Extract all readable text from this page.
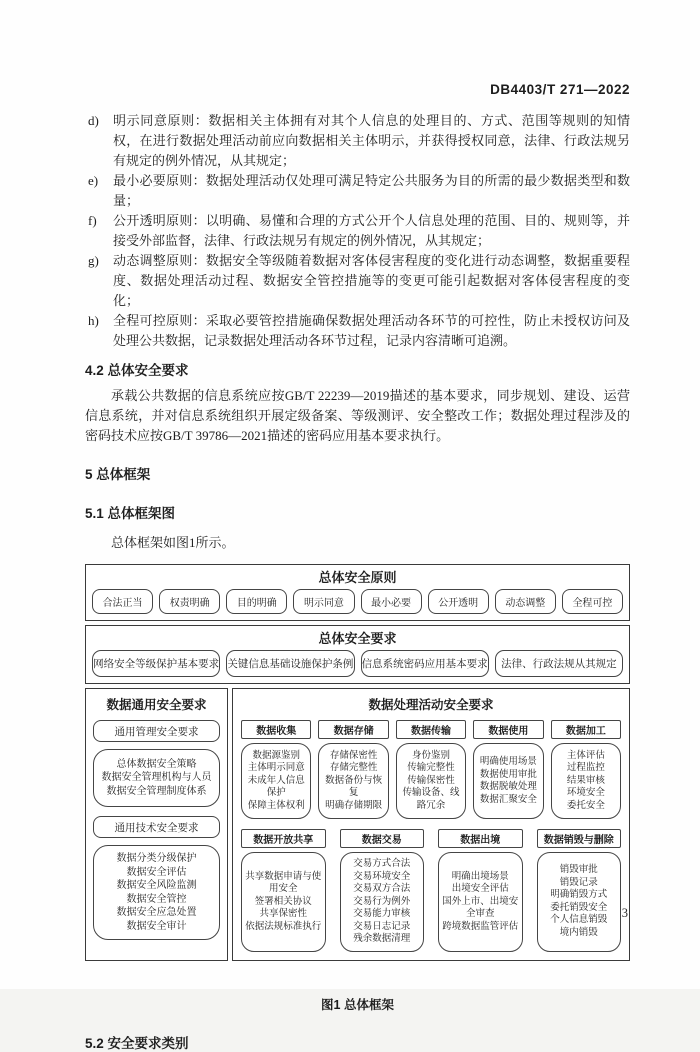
DB4403/T 271—2022
d)	明示同意原则：数据相关主体拥有对其个人信息的处理目的、方式、范围等规则的知情权，在进行数据处理活动前应向数据相关主体明示，并获得授权同意，法律、行政法规另有规定的例外情况，从其规定；
e)	最小必要原则：数据处理活动仅处理可满足特定公共服务为目的所需的最少数据类型和数量；
f)	公开透明原则：以明确、易懂和合理的方式公开个人信息处理的范围、目的、规则等，并接受外部监督，法律、行政法规另有规定的例外情况，从其规定；
g)	动态调整原则：数据安全等级随着数据对客体侵害程度的变化进行动态调整，数据重要程度、数据处理活动过程、数据安全管控措施等的变更可能引起数据对客体侵害程度的变化；
h)	全程可控原则：采取必要管控措施确保数据处理活动各环节的可控性，防止未授权访问及处理公共数据，记录数据处理活动各环节过程，记录内容清晰可追溯。
4.2 总体安全要求
承载公共数据的信息系统应按GB/T 22239—2019描述的基本要求，同步规划、建设、运营信息系统，并对信息系统组织开展定级备案、等级测评、安全整改工作；数据处理过程涉及的密码技术应按GB/T 39786—2021描述的密码应用基本要求执行。
5 总体框架
5.1 总体框架图
总体框架如图1所示。
总体安全原则
合法正当	权责明确	目的明确	明示同意	最小必要	公开透明	动态调整	全程可控
总体安全要求
网络安全等级保护基本要求 关键信息基础设施保护条例 信息系统密码应用基本要求	法律、行政法规从其规定
数据通用安全要求
通用管理安全要求
总体数据安全策略
数据安全管理机构与人员
数据安全管理制度体系
通用技术安全要求
数据分类分级保护
数据安全评估
数据安全风险监测
数据安全管控
数据安全应急处置
数据安全审计
数据处理活动安全要求
数据收集
数据源鉴别
主体明示同意
未成年人信息保护
保障主体权利
数据存储
存储保密性
存储完整性
数据备份与恢复
明确存储期限
数据传输
身份鉴别
传输完整性
传输保密性
传输设备、线路冗余
数据使用
明确使用场景
数据使用审批
数据脱敏处理
数据汇聚安全
数据加工
主体评估
过程监控
结果审核
环境安全
委托安全
数据开放共享
共享数据申请与使用安全
签署相关协议
共享保密性
依据法规标准执行
数据交易
交易方式合法
交易环境安全
交易双方合法
交易行为例外
交易能力审核
交易日志记录
残余数据清理
数据出境
明确出境场景
出境安全评估
国外上市、出境安全审查
跨境数据监管评估
数据销毁与删除
销毁审批
销毁记录
明确销毁方式
委托销毁安全
个人信息销毁
境内销毁
图1 总体框架
5.2 安全要求类别
3
